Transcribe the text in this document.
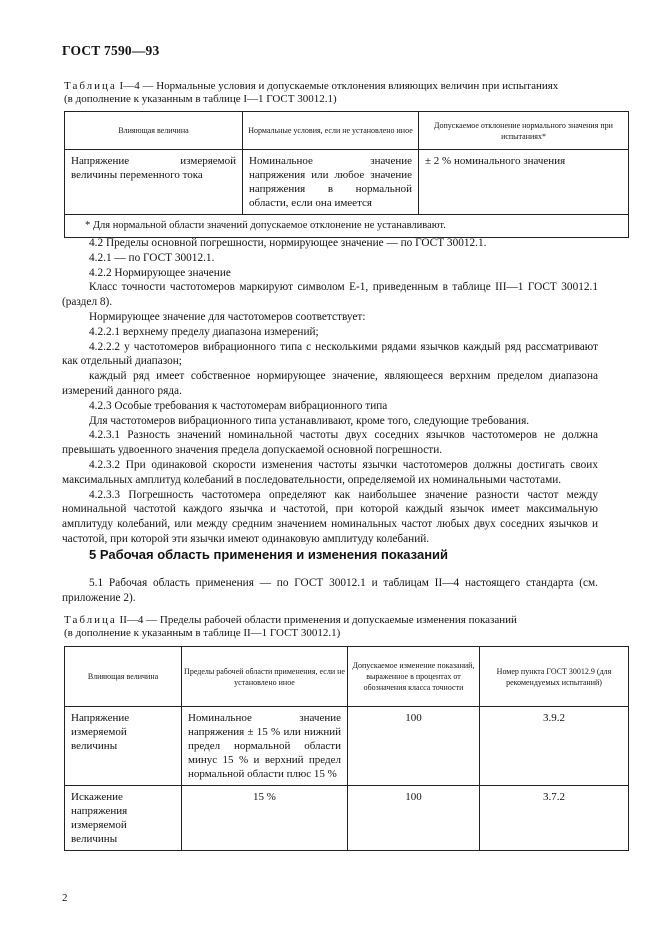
ГОСТ 7590—93
Таблица I—4 — Нормальные условия и допускаемые отклонения влияющих величин при испытаниях
(в дополнение к указанным в таблице I—1 ГОСТ 30012.1)
Влияющая величина	Нормальные условия, если не установлено иное	Допускаемое отклонение нормального значения при испытаниях*

Напряжение измеряемой величины переменного тока	Номинальное значение напряжения или любое значение напряжения в нормальной области, если она имеется	± 2 % номинального значения

* Для нормальной области значений допускаемое отклонение не устанавливают.		

4.2 Пределы основной погрешности, нормирующее значение — по ГОСТ 30012.1.

4.2.1 — по ГОСТ 30012.1.

4.2.2 Нормирующее значение

Класс точности частотомеров маркируют символом Е-1, приведенным в таблице III—1 ГОСТ 30012.1 (раздел 8).

Нормирующее значение для частотомеров соответствует:

4.2.2.1 верхнему пределу диапазона измерений;

4.2.2.2 у частотомеров вибрационного типа с несколькими рядами язычков каждый ряд рассматривают как отдельный диапазон;

каждый ряд имеет собственное нормирующее значение, являющееся верхним пределом диапазона измерений данного ряда.

4.2.3 Особые требования к частотомерам вибрационного типа

Для частотомеров вибрационного типа устанавливают, кроме того, следующие требования.

4.2.3.1 Разность значений номинальной частоты двух соседних язычков частотомеров не должна превышать удвоенного значения предела допускаемой основной погрешности.

4.2.3.2 При одинаковой скорости изменения частоты язычки частотомеров должны достигать своих максимальных амплитуд колебаний в последовательности, определяемой их номинальными частотами.

4.2.3.3 Погрешность частотомера определяют как наибольшее значение разности частот между номинальной частотой каждого язычка и частотой, при которой каждый язычок имеет максимальную амплитуду колебаний, или между средним значением номинальных частот любых двух соседних язычков и частотой, при которой эти язычки имеют одинаковую амплитуду колебаний.

5 Рабочая область применения и изменения показаний

5.1 Рабочая область применения — по ГОСТ 30012.1 и таблицам II—4 настоящего стандарта (см. приложение 2).

Таблица II—4 — Пределы рабочей области применения и допускаемые изменения показаний
(в дополнение к указанным в таблице II—1 ГОСТ 30012.1)
Влияющая величина	Пределы рабочей области применения, если не установлено иное	Допускаемое изменение показаний, выраженное в процентах от обозначения класса точности	Номер пункта ГОСТ 30012.9 (для рекомендуемых испытаний)

Напряжение измеряемой величины	Номинальное значение напряжения ± 15 % или нижний предел нормальной области минус 15 % и верхний предел нормальной области плюс 15 %	100	3.9.2

Искажение напряжения измеряемой величины	15 %	100	3.7.2
2
